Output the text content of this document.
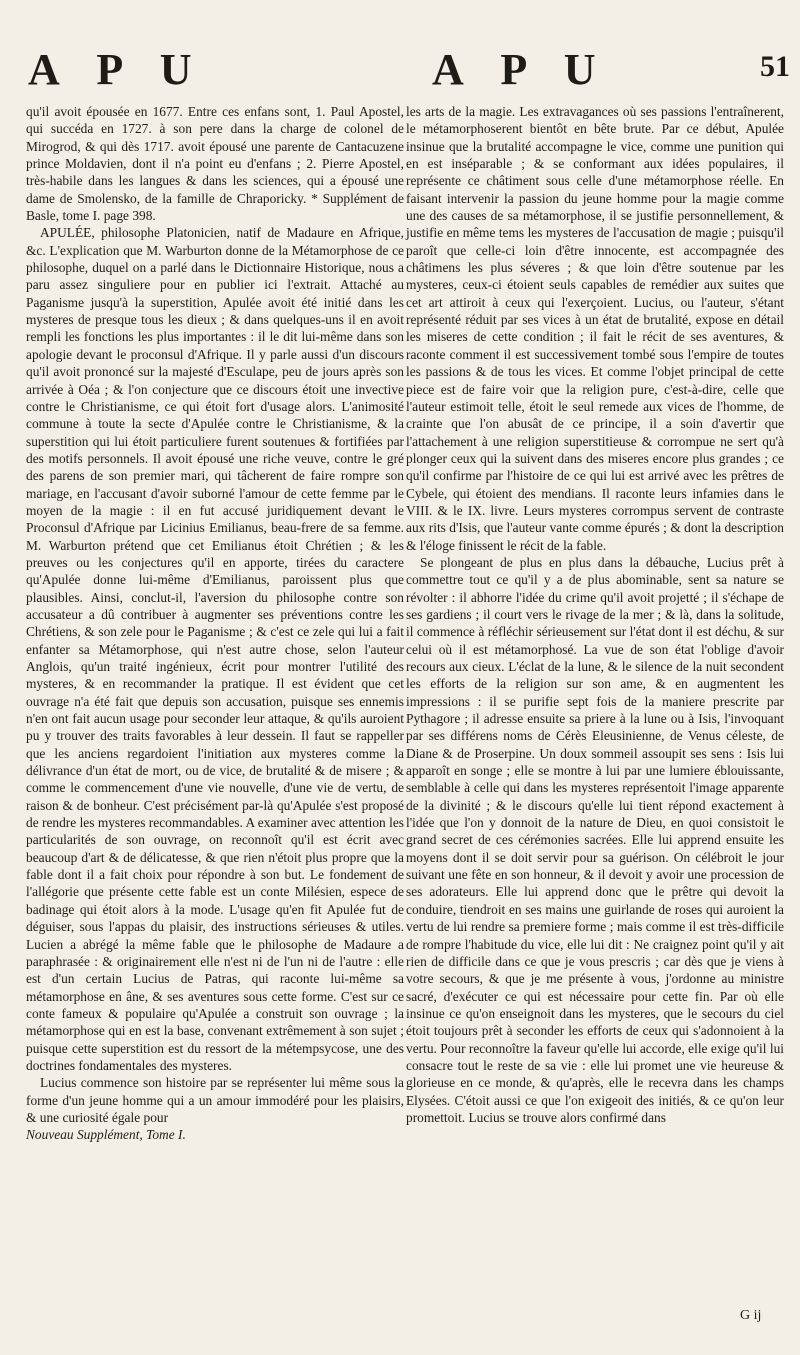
A P U	A P U	51

qu'il avoit épousée en 1677. Entre ces enfans sont, 1. Paul Apostel, qui succéda en 1727. à son pere dans la charge de colonel de Mirogrod, & qui dès 1717. avoit épousé une parente de Cantacuzene prince Moldavien, dont il n'a point eu d'enfans ; 2. Pierre Apostel, très-habile dans les langues & dans les sciences, qui a épousé une dame de Smolensko, de la famille de Chraporicky. * Supplément de Basle, tome I. page 398.

APULÉE, philosophe Platonicien, natif de Madaure en Afrique, &c. L'explication que M. Warburton donne de la Métamorphose de ce philosophe, duquel on a parlé dans le Dictionnaire Historique, nous a paru assez singuliere pour en publier ici l'extrait. Attaché au Paganisme jusqu'à la superstition, Apulée avoit été initié dans les mysteres de presque tous les dieux ; & dans quelques-uns il en avoit rempli les fonctions les plus importantes : il le dit lui-même dans son apologie devant le proconsul d'Afrique. Il y parle aussi d'un discours qu'il avoit prononcé sur la majesté d'Esculape, peu de jours après son arrivée à Oéa ; & l'on conjecture que ce discours étoit une invective contre le Christianisme, ce qui étoit fort d'usage alors. L'animosité commune à toute la secte d'Apulée contre le Christianisme, & la superstition qui lui étoit particuliere furent soutenues & fortifiées par des motifs personnels. Il avoit épousé une riche veuve, contre le gré des parens de son premier mari, qui tâcherent de faire rompre son mariage, en l'accusant d'avoir suborné l'amour de cette femme par le moyen de la magie : il en fut accusé juridiquement devant le Proconsul d'Afrique par Licinius Emilianus, beau-frere de sa femme. M. Warburton prétend que cet Emilianus étoit Chrétien ; & les preuves ou les conjectures qu'il en apporte, tirées du caractere qu'Apulée donne lui-même d'Emilianus, paroissent plus que plausibles. Ainsi, conclut-il, l'aversion du philosophe contre son accusateur a dû contribuer à augmenter ses préventions contre les Chrétiens, & son zele pour le Paganisme ; & c'est ce zele qui lui a fait enfanter sa Métamorphose, qui n'est autre chose, selon l'auteur Anglois, qu'un traité ingénieux, écrit pour montrer l'utilité des mysteres, & en recommander la pratique. Il est évident que cet ouvrage n'a été fait que depuis son accusation, puisque ses ennemis n'en ont fait aucun usage pour seconder leur attaque, & qu'ils auroient pu y trouver des traits favorables à leur dessein. Il faut se rappeller que les anciens regardoient l'initiation aux mysteres comme la délivrance d'un état de mort, ou de vice, de brutalité & de misere ; & comme le commencement d'une vie nouvelle, d'une vie de vertu, de raison & de bonheur. C'est précisément par-là qu'Apulée s'est proposé de rendre les mysteres recommandables. A examiner avec attention les particularités de son ouvrage, on reconnoît qu'il est écrit avec beaucoup d'art & de délicatesse, & que rien n'étoit plus propre que la fable dont il a fait choix pour répondre à son but. Le fondement de l'allégorie que présente cette fable est un conte Milésien, espece de badinage qui étoit alors à la mode. L'usage qu'en fit Apulée fut de déguiser, sous l'appas du plaisir, des instructions sérieuses & utiles. Lucien a abrégé la même fable que le philosophe de Madaure a paraphrasée : & originairement elle n'est ni de l'un ni de l'autre : elle est d'un certain Lucius de Patras, qui raconte lui-même sa métamorphose en âne, & ses aventures sous cette forme. C'est sur ce conte fameux & populaire qu'Apulée a construit son ouvrage ; la métamorphose qui en est la base, convenant extrêmement à son sujet ; puisque cette superstition est du ressort de la métempsycose, une des doctrines fondamentales des mysteres.

Lucius commence son histoire par se représenter lui même sous la forme d'un jeune homme qui a un amour immodéré pour les plaisirs, & une curiosité égale pour

Nouveau Supplément, Tome I.

les arts de la magie. Les extravagances où ses passions l'entraînerent, le métamorphoserent bientôt en bête brute. Par ce début, Apulée insinue que la brutalité accompagne le vice, comme une punition qui en est inséparable ; & se conformant aux idées populaires, il représente ce châtiment sous celle d'une métamorphose réelle. En faisant intervenir la passion du jeune homme pour la magie comme une des causes de sa métamorphose, il se justifie personnellement, & justifie en même tems les mysteres de l'accusation de magie ; puisqu'il paroît que celle-ci loin d'être innocente, est accompagnée des châtimens les plus séveres ; & que loin d'être soutenue par les mysteres, ceux-ci étoient seuls capables de remédier aux suites que cet art attiroit à ceux qui l'exerçoient. Lucius, ou l'auteur, s'étant représenté réduit par ses vices à un état de brutalité, expose en détail les miseres de cette condition ; il fait le récit de ses aventures, & raconte comment il est successivement tombé sous l'empire de toutes les passions & de tous les vices. Et comme l'objet principal de cette piece est de faire voir que la religion pure, c'est-à-dire, celle que l'auteur estimoit telle, étoit le seul remede aux vices de l'homme, de crainte que l'on abusât de ce principe, il a soin d'avertir que l'attachement à une religion superstitieuse & corrompue ne sert qu'à plonger ceux qui la suivent dans des miseres encore plus grandes ; ce qu'il confirme par l'histoire de ce qui lui est arrivé avec les prêtres de Cybele, qui étoient des mendians. Il raconte leurs infamies dans le VIII. & le IX. livre. Leurs mysteres corrompus servent de contraste aux rits d'Isis, que l'auteur vante comme épurés ; & dont la description & l'éloge finissent le récit de la fable.

Se plongeant de plus en plus dans la débauche, Lucius prêt à commettre tout ce qu'il y a de plus abominable, sent sa nature se révolter : il abhorre l'idée du crime qu'il avoit projetté ; il s'échape de ses gardiens ; il court vers le rivage de la mer ; & là, dans la solitude, il commence à réfléchir sérieusement sur l'état dont il est déchu, & sur celui où il est métamorphosé. La vue de son état l'oblige d'avoir recours aux cieux. L'éclat de la lune, & le silence de la nuit secondent les efforts de la religion sur son ame, & en augmentent les impressions : il se purifie sept fois de la maniere prescrite par Pythagore ; il adresse ensuite sa priere à la lune ou à Isis, l'invoquant par ses différens noms de Cérès Eleusinienne, de Venus céleste, de Diane & de Proserpine. Un doux sommeil assoupit ses sens : Isis lui apparoît en songe ; elle se montre à lui par une lumiere éblouissante, semblable à celle qui dans les mysteres représentoit l'image apparente de la divinité ; & le discours qu'elle lui tient répond exactement à l'idée que l'on y donnoit de la nature de Dieu, en quoi consistoit le grand secret de ces cérémonies sacrées. Elle lui apprend ensuite les moyens dont il se doit servir pour sa guérison. On célébroit le jour suivant une fête en son honneur, & il devoit y avoir une procession de ses adorateurs. Elle lui apprend donc que le prêtre qui devoit la conduire, tiendroit en ses mains une guirlande de roses qui auroient la vertu de lui rendre sa premiere forme ; mais comme il est très-difficile de rompre l'habitude du vice, elle lui dit : Ne craignez point qu'il y ait rien de difficile dans ce que je vous prescris ; car dès que je viens à votre secours, & que je me présente à vous, j'ordonne au ministre sacré, d'exécuter ce qui est nécessaire pour cette fin. Par où elle insinue ce qu'on enseignoit dans les mysteres, que le secours du ciel étoit toujours prêt à seconder les efforts de ceux qui s'adonnoient à la vertu. Pour reconnoître la faveur qu'elle lui accorde, elle exige qu'il lui consacre tout le reste de sa vie : elle lui promet une vie heureuse & glorieuse en ce monde, & qu'après, elle le recevra dans les champs Elysées. C'étoit aussi ce que l'on exigeoit des initiés, & ce qu'on leur promettoit. Lucius se trouve alors confirmé dans

G ij
